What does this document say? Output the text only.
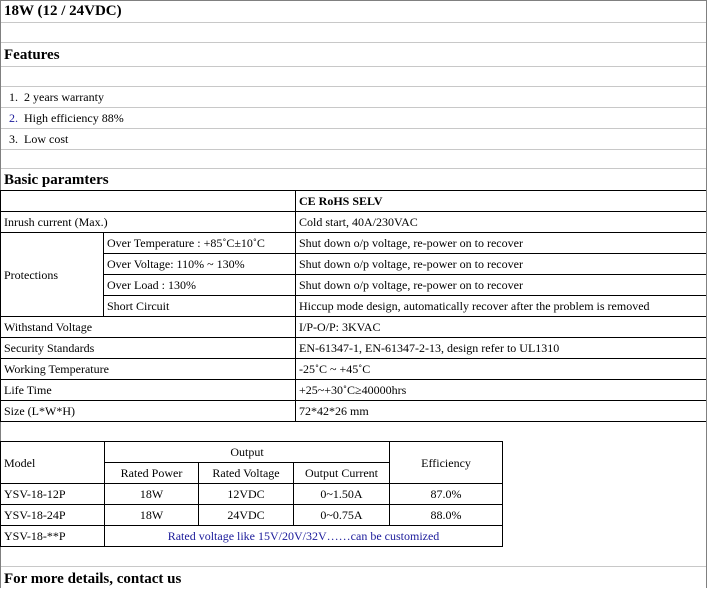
18W (12 / 24VDC)
Features
1. 2 years warranty
2. High efficiency 88%
3. Low cost
Basic paramters
		CE RoHS SELV
Inrush current (Max.)		Cold start, 40A/230VAC
Protections	Over Temperature : +85˚C±10˚C	Shut down o/p voltage, re-power on to recover
	Over Voltage: 110% ~ 130%	Shut down o/p voltage, re-power on to recover
	Over Load : 130%	Shut down o/p voltage, re-power on to recover
	Short Circuit	Hiccup mode design, automatically recover after the problem is removed
Withstand Voltage		I/P-O/P: 3KVAC
Security Standards		EN-61347-1, EN-61347-2-13, design refer to UL1310
Working Temperature		-25˚C ~ +45˚C
Life Time		+25~+30˚C≥40000hrs
Size (L*W*H)		72*42*26 mm
Model	Output			Efficiency
	Rated Power	Rated Voltage	Output Current	
YSV-18-12P	18W	12VDC	0~1.50A	87.0%
YSV-18-24P	18W	24VDC	0~0.75A	88.0%
YSV-18-**P	Rated voltage like 15V/20V/32V……can be customized			
For more details, contact us
